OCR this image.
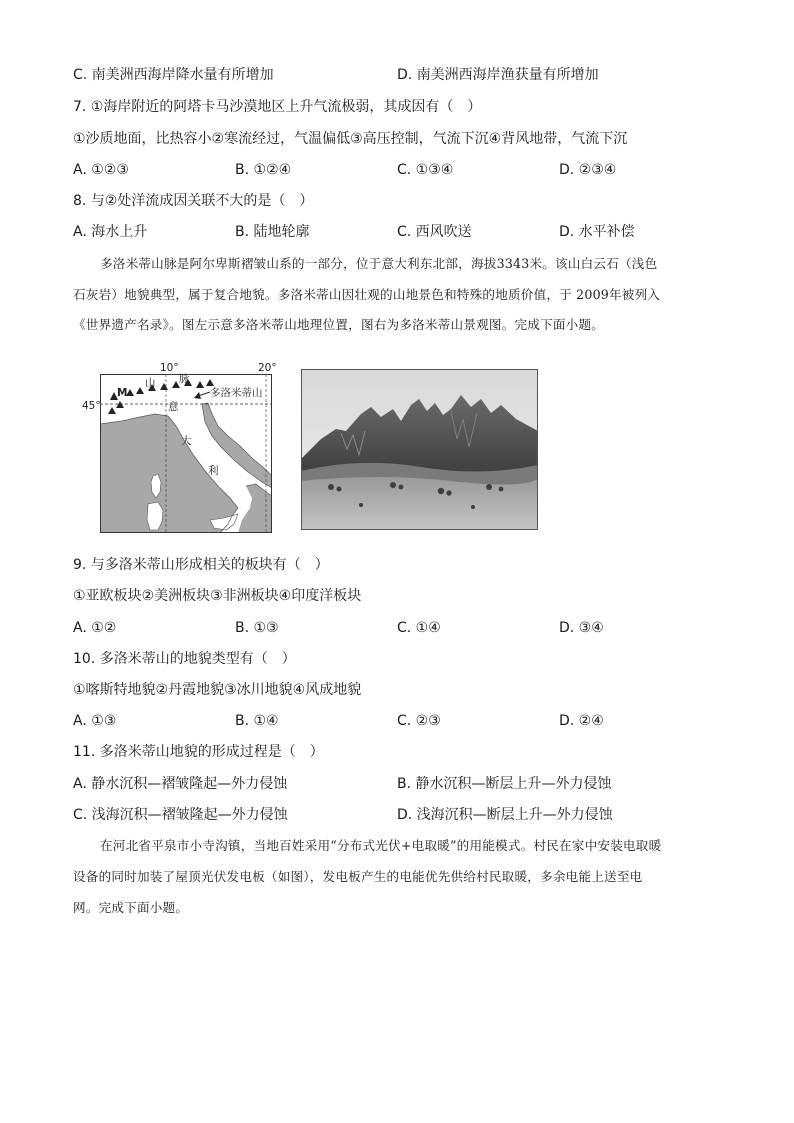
C. 南美洲西海岸降水量有所增加	D. 南美洲西海岸渔获量有所增加
7. ①海岸附近的阿塔卡马沙漠地区上升气流极弱，其成因有（　）
①沙质地面，比热容小②寒流经过，气温偏低③高压控制，气流下沉④背风地带，气流下沉
A. ①②③	B. ①②④	C. ①③④	D. ②③④
8. 与②处洋流成因关联不大的是（　）
A. 海水上升	B. 陆地轮廓	C. 西风吹送	D. 水平补偿
多洛米蒂山脉是阿尔卑斯褶皱山系的一部分，位于意大利东北部，海拔3343米。该山白云石（浅色
石灰岩）地貌典型，属于复合地貌。多洛米蒂山因壮观的山地景色和特殊的地质价值，于 2009年被列入
《世界遗产名录》。图左示意多洛米蒂山地理位置，图右为多洛米蒂山景观图。完成下面小题。
10°	20°
45°
M
山 脉
多洛米蒂山
意
大
利
9. 与多洛米蒂山形成相关的板块有（　）
①亚欧板块②美洲板块③非洲板块④印度洋板块
A. ①②	B. ①③	C. ①④	D. ③④
10. 多洛米蒂山的地貌类型有（　）
①喀斯特地貌②丹霞地貌③冰川地貌④风成地貌
A. ①③	B. ①④	C. ②③	D. ②④
11. 多洛米蒂山地貌的形成过程是（　）
A. 静水沉积—褶皱隆起—外力侵蚀	B. 静水沉积—断层上升—外力侵蚀
C. 浅海沉积—褶皱隆起—外力侵蚀	D. 浅海沉积—断层上升—外力侵蚀
在河北省平泉市小寺沟镇，当地百姓采用“分布式光伏+电取暖”的用能模式。村民在家中安装电取暖
设备的同时加装了屋顶光伏发电板（如图），发电板产生的电能优先供给村民取暖，多余电能上送至电
网。完成下面小题。
